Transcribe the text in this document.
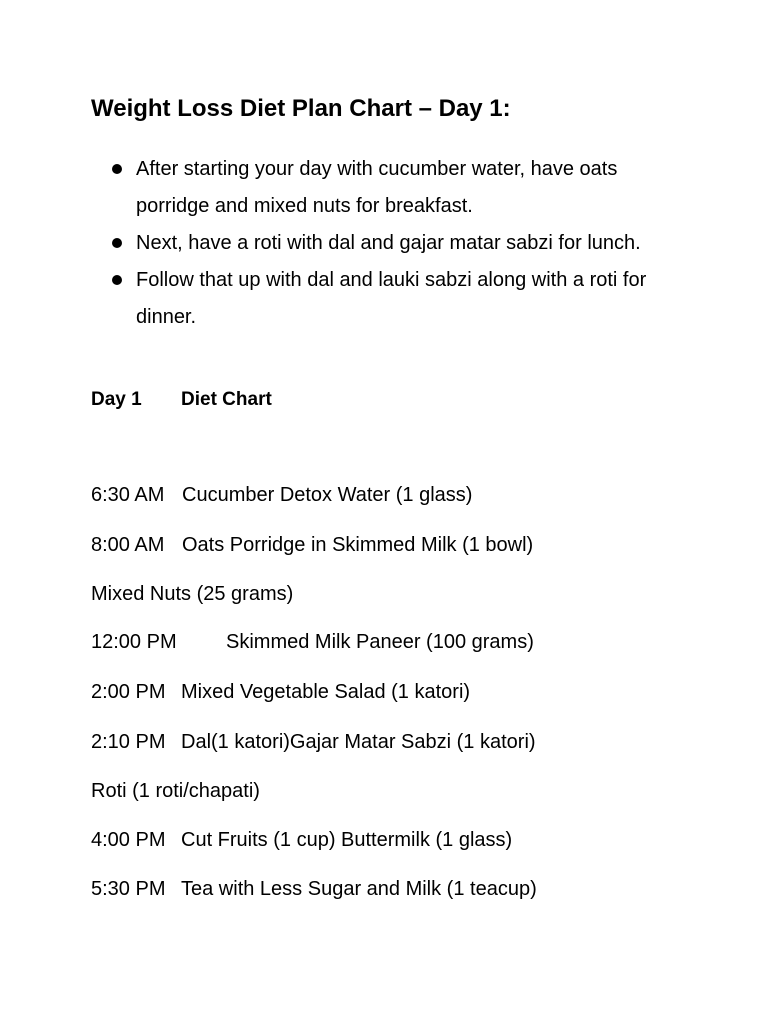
Weight Loss Diet Plan Chart – Day 1:
After starting your day with cucumber water, have oats porridge and mixed nuts for breakfast.
Next, have a roti with dal and gajar matar sabzi for lunch.
Follow that up with dal and lauki sabzi along with a roti for dinner.
Day 1 Diet Chart
6:30 AM Cucumber Detox Water (1 glass)
8:00 AM Oats Porridge in Skimmed Milk (1 bowl)
Mixed Nuts (25 grams)
12:00 PM Skimmed Milk Paneer (100 grams)
2:00 PM Mixed Vegetable Salad (1 katori)
2:10 PM Dal(1 katori)Gajar Matar Sabzi (1 katori)
Roti (1 roti/chapati)
4:00 PM Cut Fruits (1 cup) Buttermilk (1 glass)
5:30 PM Tea with Less Sugar and Milk (1 teacup)
